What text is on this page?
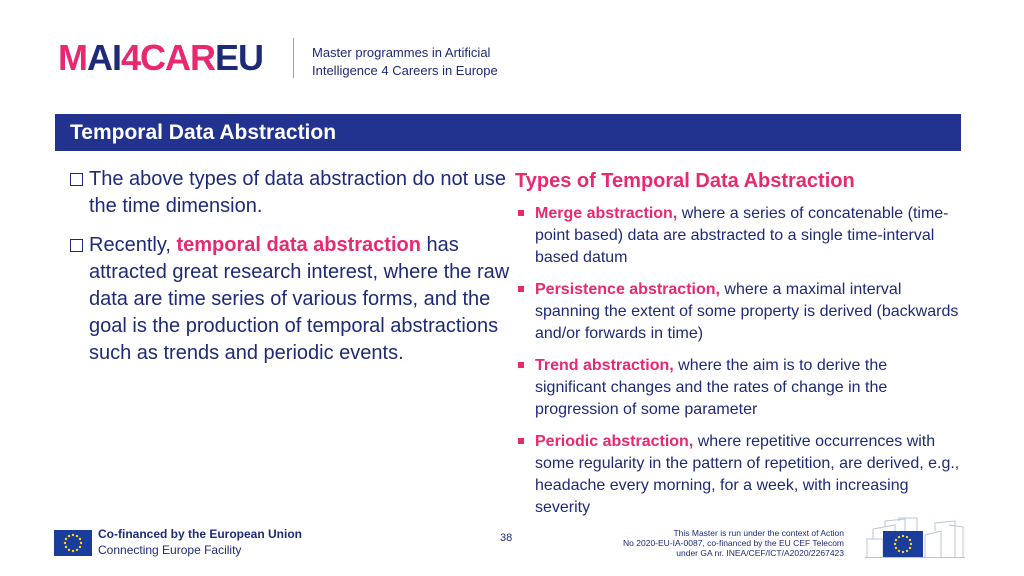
M A I 4 CAR EU	Master programmes in Artificial
Intelligence 4 Careers in Europe
Temporal Data Abstraction
The above types of data abstraction do not use the time dimension.
Recently, temporal data abstraction has attracted great research interest, where the raw data are time series of various forms, and the goal is the production of temporal abstractions such as trends and periodic events.
Types of Temporal Data Abstraction
Merge abstraction, where a series of concatenable (time-point based) data are abstracted to a single time-interval based datum
Persistence abstraction, where a maximal interval spanning the extent of some property is derived (backwards and/or forwards in time)
Trend abstraction, where the aim is to derive the significant changes and the rates of change in the progression of some parameter
Periodic abstraction, where repetitive occurrences with some regularity in the pattern of repetition, are derived, e.g., headache every morning, for a week, with increasing severity
Co-financed by the European Union
Connecting Europe Facility
38	This Master is run under the context of Action
No 2020-EU-IA-0087, co-financed by the EU CEF Telecom
under GA nr. INEA/CEF/ICT/A2020/2267423
